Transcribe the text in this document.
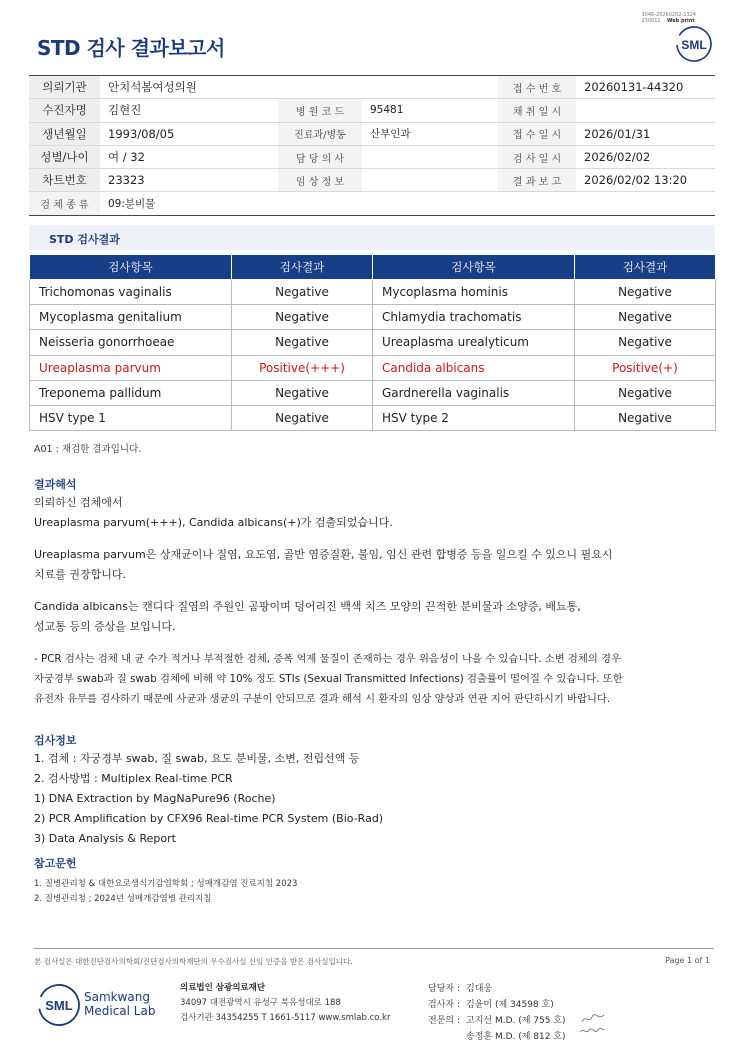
3046-20260202-1324
230011 Web print
STD 검사 결과보고서	SML
의뢰기관	안치석봄여성의원			접 수 번 호	20260131-44320
수진자명	김현진	병 원 코 드	95481	채 취 일 시	
생년월일	1993/08/05	진료과/병동	산부인과	접 수 일 시	2026/01/31
성별/나이	여 / 32	담 당 의 사		검 사 일 시	2026/02/02
차트번호	23323	임 상 정 보		결 과 보 고	2026/02/02 13:20
검 체 종 류	09:분비물				
STD 검사결과
검사항목	검사결과	검사항목	검사결과
Trichomonas vaginalis	Negative	Mycoplasma hominis	Negative
Mycoplasma genitalium	Negative	Chlamydia trachomatis	Negative
Neisseria gonorrhoeae	Negative	Ureaplasma urealyticum	Negative
Ureaplasma parvum	Positive(+++)	Candida albicans	Positive(+)
Treponema pallidum	Negative	Gardnerella vaginalis	Negative
HSV type 1	Negative	HSV type 2	Negative
A01 : 재검한 결과입니다.
결과해석
의뢰하신 검체에서
Ureaplasma parvum(+++), Candida albicans(+)가 검출되었습니다.
Ureaplasma parvum은 상재균이나 질염, 요도염, 골반 염증질환, 불임, 임신 관련 합병증 등을 일으킬 수 있으니 필요시
치료를 권장합니다.
Candida albicans는 캔디다 질염의 주원인 곰팡이며 덩어리진 백색 치즈 모양의 끈적한 분비물과 소양증, 배뇨통,
성교통 등의 증상을 보입니다.
- PCR 검사는 검체 내 균 수가 적거나 부적절한 검체, 증폭 억제 물질이 존재하는 경우 위음성이 나올 수 있습니다. 소변 검체의 경우
자궁경부 swab과 질 swab 검체에 비해 약 10% 정도 STIs (Sexual Transmitted Infections) 검출률이 떨어질 수 있습니다. 또한
유전자 유무를 검사하기 때문에 사균과 생균의 구분이 안되므로 결과 해석 시 환자의 임상 양상과 연관 지어 판단하시기 바랍니다.
검사정보
1. 검체 : 자궁경부 swab, 질 swab, 요도 분비물, 소변, 전립선액 등
2. 검사방법 : Multiplex Real-time PCR
1) DNA Extraction by MagNaPure96 (Roche)
2) PCR Amplification by CFX96 Real-time PCR System (Bio-Rad)
3) Data Analysis & Report
참고문헌
1. 질병관리청 & 대한요로생식기감염학회 ; 성매개감염 진료지침 2023
2. 질병관리청 ; 2024년 성매개감염병 관리지침
본 검사실은 대한진단검사의학회/진단검사의학재단의 우수검사실 신임 인증을 받은 검사실입니다.	Page 1 of 1
SML
Samkwang
Medical Lab
의료법인 삼광의료재단
34097 대전광역시 유성구 북유성대로 188
검사기관 34354255 T 1661-5117 www.smlab.co.kr
담당자 : 김대웅
검사자 : 김윤미 (제 34598 호)
전문의 : 고지선 M.D. (제 755 호)
송정훈 M.D. (제 812 호)
